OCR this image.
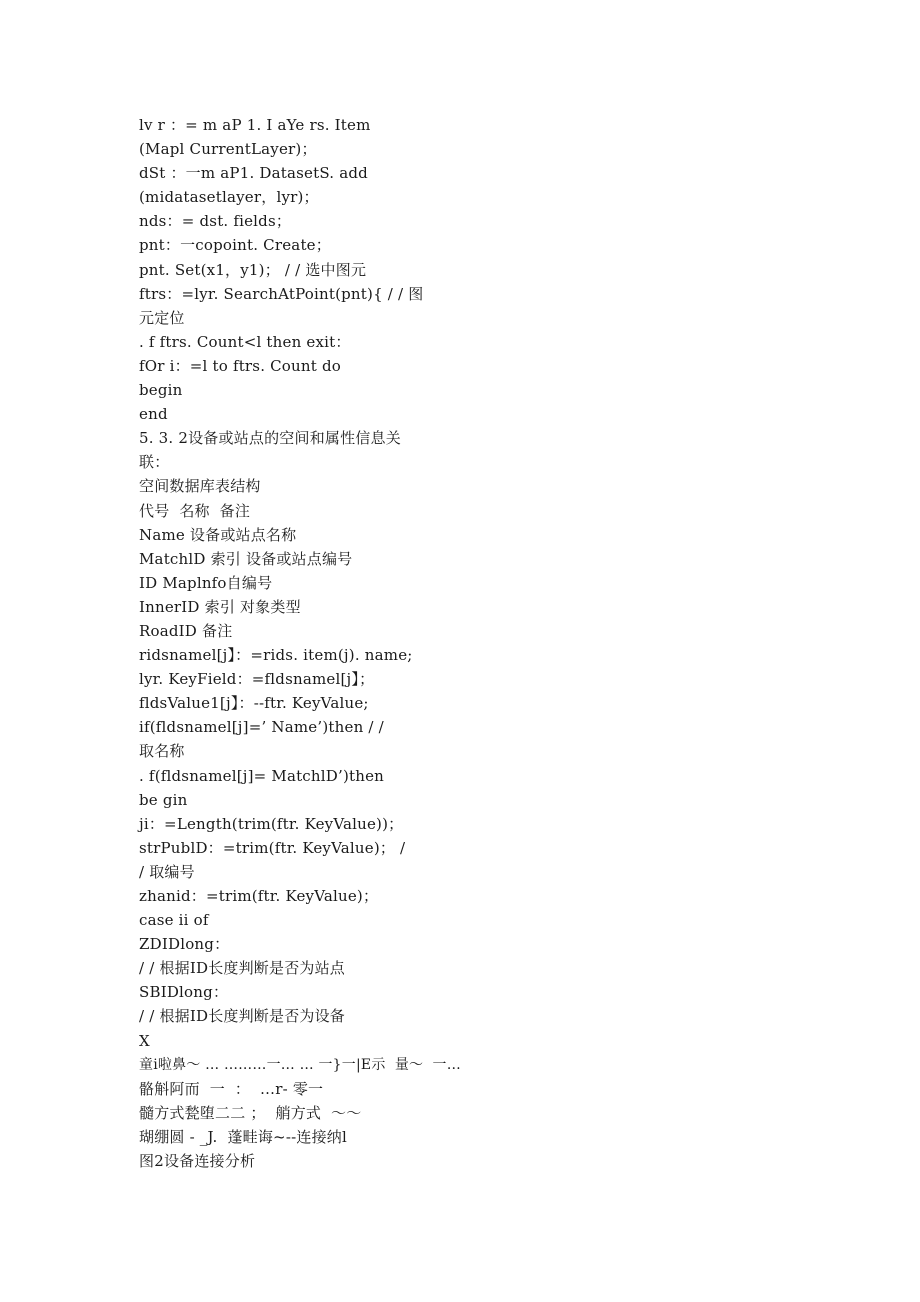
lv r ：= m aP 1. I aYe rs. Item
(Mapl CurrentLayer)；
dSt ：一m aP1. DatasetS. add
(midatasetlayer，lyr)；
nds：= dst. fields；
pnt：一copoint. Create；
pnt. Set(x1，y1)； / / 选中图元
ftrs：=lyr. SearchAtPoint(pnt){ / / 图
元定位
. f ftrs. Count<l then exit：
fOr i：=l to ftrs. Count do
begin
end
5. 3. 2设备或站点的空间和属性信息关
联：
空间数据库表结构
代号  名称  备注
Name 设备或站点名称
MatchlD 索引 设备或站点编号
ID Maplnfo自编号
InnerID 索引 对象类型
RoadID 备注
ridsnamel[j】：=rids. item(j). name;
lyr. KeyField：=fldsnamel[j】；
fldsValue1[j】：--ftr. KeyValue;
if(fldsnamel[j]=’ Name’)then / /
取名称
. f(fldsnamel[j]= MatchlD’)then
be gin
ji：=Length(trim(ftr. KeyValue))；
strPublD：=trim(ftr. KeyValue)； /
/ 取编号
zhanid：=trim(ftr. KeyValue)；
case ii of
ZDIDlong：
/ / 根据ID长度判断是否为站点
SBIDlong：
/ / 根据ID长度判断是否为设备
X
童i啦鼻～ … ………一… … 一}一|E示  量～  一…
骼斛阿而  一  ：  …r- 零一
髓方式甃堕二二 ；  艄方式  ～～
瑚绷圆 - _J.  蓬畦诲~--连接纳l
图2设备连接分析
